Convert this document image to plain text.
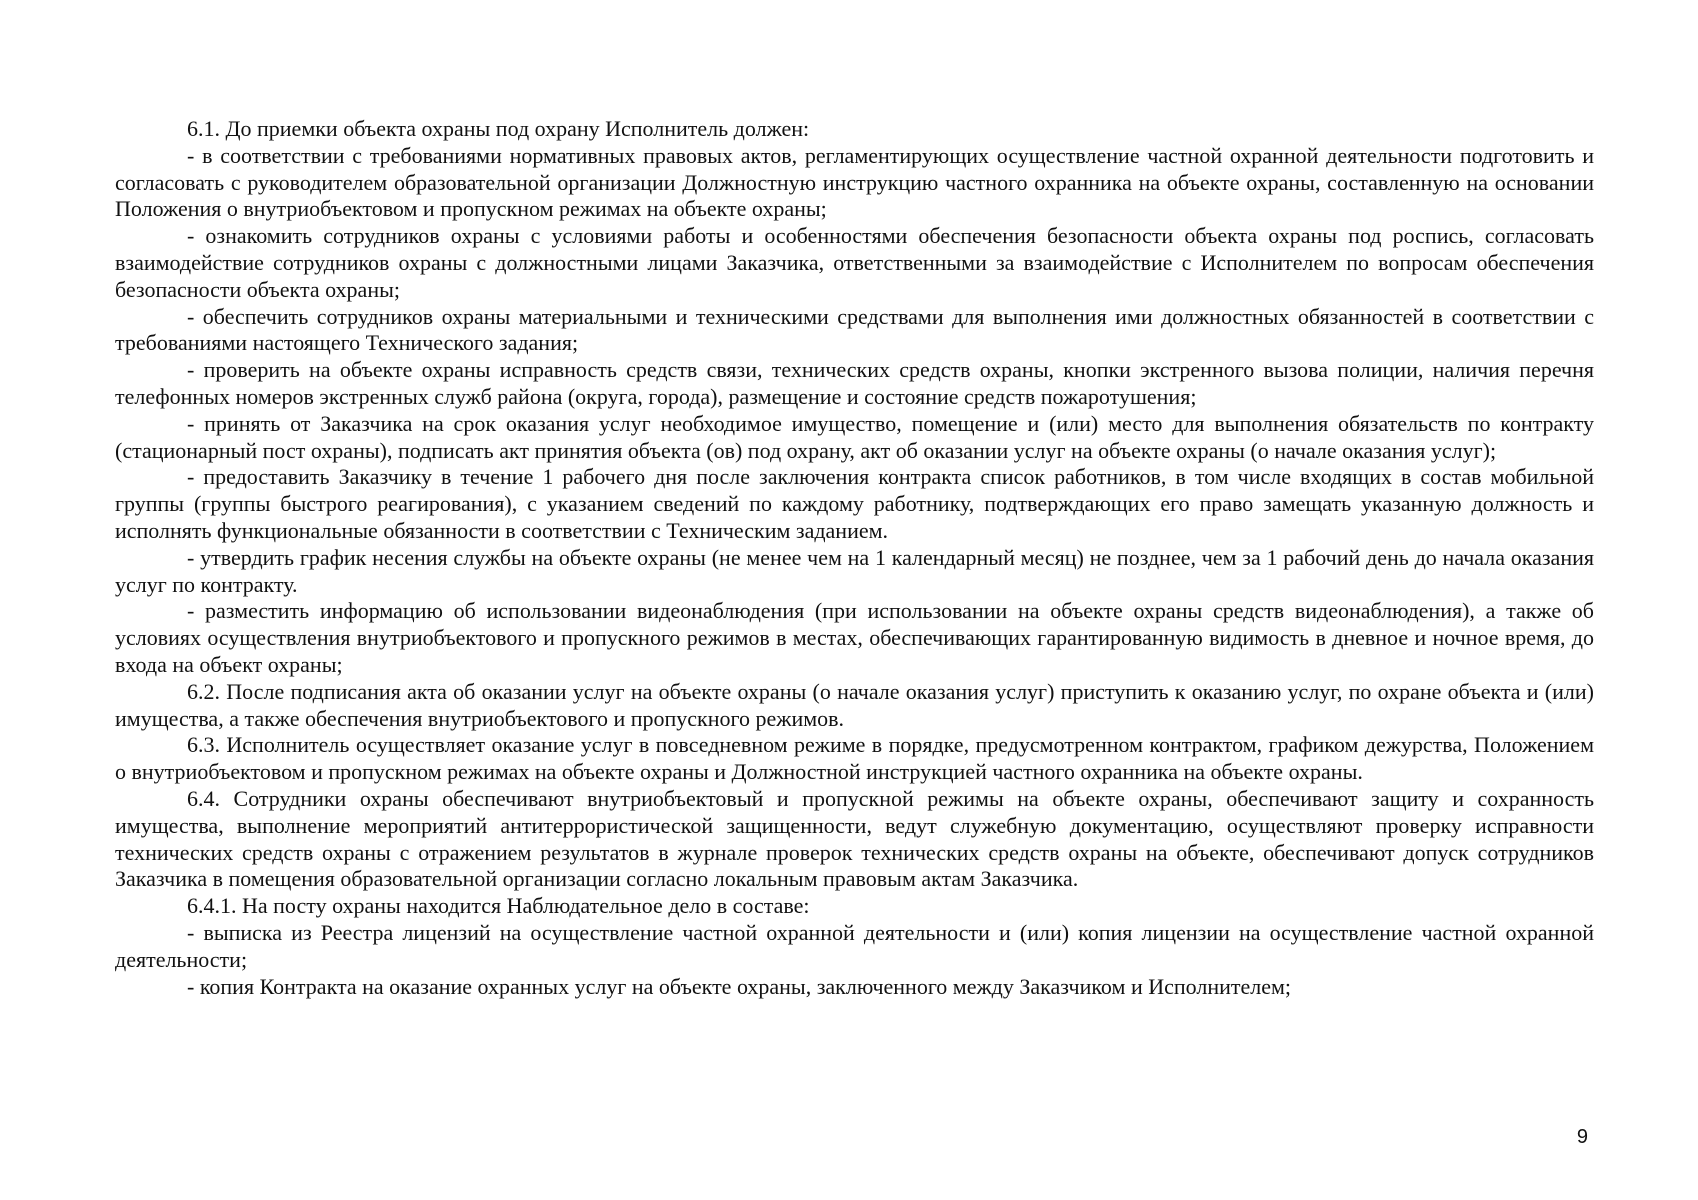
6.1. До приемки объекта охраны под охрану Исполнитель должен:

- в соответствии с требованиями нормативных правовых актов, регламентирующих осуществление частной охранной деятельности подготовить и согласовать с руководителем образовательной организации Должностную инструкцию частного охранника на объекте охраны, составленную на основании Положения о внутриобъектовом и пропускном режимах на объекте охраны;

- ознакомить сотрудников охраны с условиями работы и особенностями обеспечения безопасности объекта охраны под роспись, согласовать взаимодействие сотрудников охраны с должностными лицами Заказчика, ответственными за взаимодействие с Исполнителем по вопросам обеспечения безопасности объекта охраны;

- обеспечить сотрудников охраны материальными и техническими средствами для выполнения ими должностных обязанностей в соответствии с требованиями настоящего Технического задания;

- проверить на объекте охраны исправность средств связи, технических средств охраны, кнопки экстренного вызова полиции, наличия перечня телефонных номеров экстренных служб района (округа, города), размещение и состояние средств пожаротушения;

- принять от Заказчика на срок оказания услуг необходимое имущество, помещение и (или) место для выполнения обязательств по контракту (стационарный пост охраны), подписать акт принятия объекта (ов) под охрану, акт об оказании услуг на объекте охраны (о начале оказания услуг);

- предоставить Заказчику в течение 1 рабочего дня после заключения контракта список работников, в том числе входящих в состав мобильной группы (группы быстрого реагирования), с указанием сведений по каждому работнику, подтверждающих его право замещать указанную должность и исполнять функциональные обязанности в соответствии с Техническим заданием.

- утвердить график несения службы на объекте охраны (не менее чем на 1 календарный месяц) не позднее, чем за 1 рабочий день до начала оказания услуг по контракту.

- разместить информацию об использовании видеонаблюдения (при использовании на объекте охраны средств видеонаблюдения), а также об условиях осуществления внутриобъектового и пропускного режимов в местах, обеспечивающих гарантированную видимость в дневное и ночное время, до входа на объект охраны;

6.2. После подписания акта об оказании услуг на объекте охраны (о начале оказания услуг) приступить к оказанию услуг, по охране объекта и (или) имущества, а также обеспечения внутриобъектового и пропускного режимов.

6.3. Исполнитель осуществляет оказание услуг в повседневном режиме в порядке, предусмотренном контрактом, графиком дежурства, Положением о внутриобъектовом и пропускном режимах на объекте охраны и Должностной инструкцией частного охранника на объекте охраны.

6.4. Сотрудники охраны обеспечивают внутриобъектовый и пропускной режимы на объекте охраны, обеспечивают защиту и сохранность имущества, выполнение мероприятий антитеррористической защищенности, ведут служебную документацию, осуществляют проверку исправности технических средств охраны с отражением результатов в журнале проверок технических средств охраны на объекте, обеспечивают допуск сотрудников Заказчика в помещения образовательной организации согласно локальным правовым актам Заказчика.

6.4.1. На посту охраны находится Наблюдательное дело в составе:

- выписка из Реестра лицензий на осуществление частной охранной деятельности и (или) копия лицензии на осуществление частной охранной деятельности;

- копия Контракта на оказание охранных услуг на объекте охраны, заключенного между Заказчиком и Исполнителем;

9
